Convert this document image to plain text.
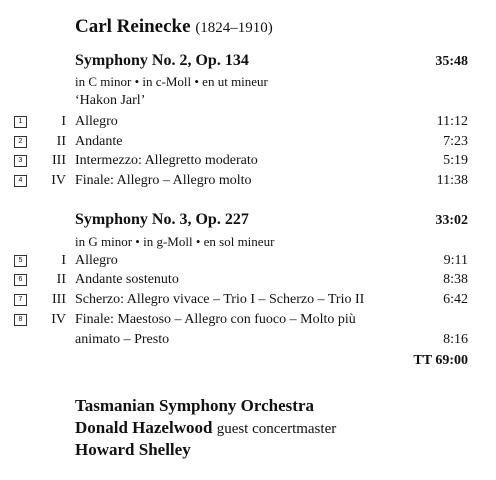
Carl Reinecke (1824–1910)
Symphony No. 2, Op. 134	35:48
in C minor • in c-Moll • en ut mineur
‘Hakon Jarl’
1	I Allegro	11:12
2	II Andante	7:23
3	III Intermezzo: Allegretto moderato	5:19
4	IV Finale: Allegro – Allegro molto	11:38
Symphony No. 3, Op. 227	33:02
in G minor • in g-Moll • en sol mineur
5	I Allegro	9:11
6	II Andante sostenuto	8:38
7	III Scherzo: Allegro vivace – Trio I – Scherzo – Trio II	6:42
8	IV Finale: Maestoso – Allegro con fuoco – Molto più
animato – Presto	8:16
TT 69:00
Tasmanian Symphony Orchestra
Donald Hazelwood guest concertmaster
Howard Shelley
